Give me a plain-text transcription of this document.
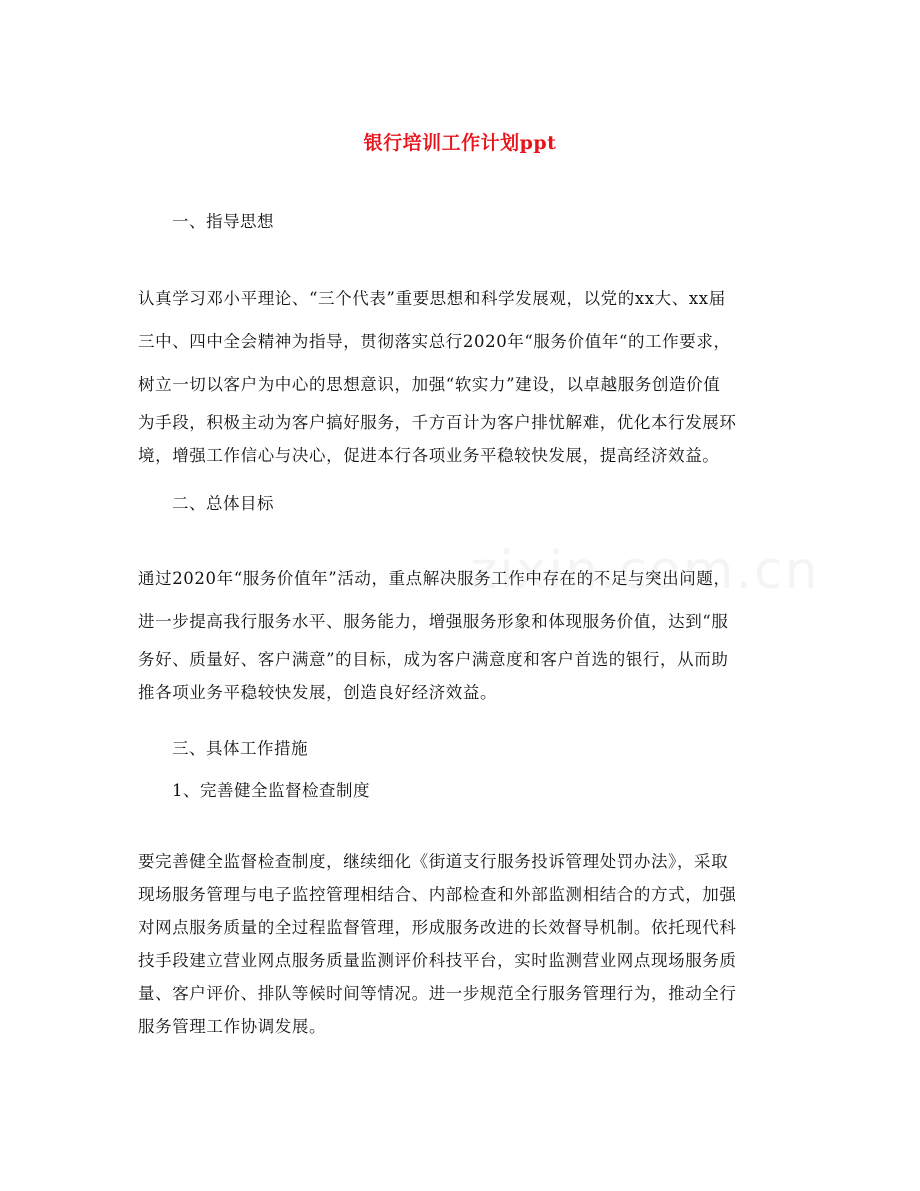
银行培训工作计划ppt
一、指导思想
认真学习邓小平理论、“三个代表”重要思想和科学发展观，以党的xx大、xx届
三中、四中全会精神为指导，贯彻落实总行2020年“服务价值年“的工作要求，
树立一切以客户为中心的思想意识，加强“软实力”建设，以卓越服务创造价值
为手段，积极主动为客户搞好服务，千方百计为客户排忧解难，优化本行发展环
境，增强工作信心与决心，促进本行各项业务平稳较快发展，提高经济效益。
二、总体目标
通过2020年“服务价值年”活动，重点解决服务工作中存在的不足与突出问题，
进一步提高我行服务水平、服务能力，增强服务形象和体现服务价值，达到“服
务好、质量好、客户满意”的目标，成为客户满意度和客户首选的银行，从而助
推各项业务平稳较快发展，创造良好经济效益。
三、具体工作措施
1、完善健全监督检查制度
要完善健全监督检查制度，继续细化《街道支行服务投诉管理处罚办法》，采取
现场服务管理与电子监控管理相结合、内部检查和外部监测相结合的方式，加强
对网点服务质量的全过程监督管理，形成服务改进的长效督导机制。依托现代科
技手段建立营业网点服务质量监测评价科技平台，实时监测营业网点现场服务质
量、客户评价、排队等候时间等情况。进一步规范全行服务管理行为，推动全行
服务管理工作协调发展。
